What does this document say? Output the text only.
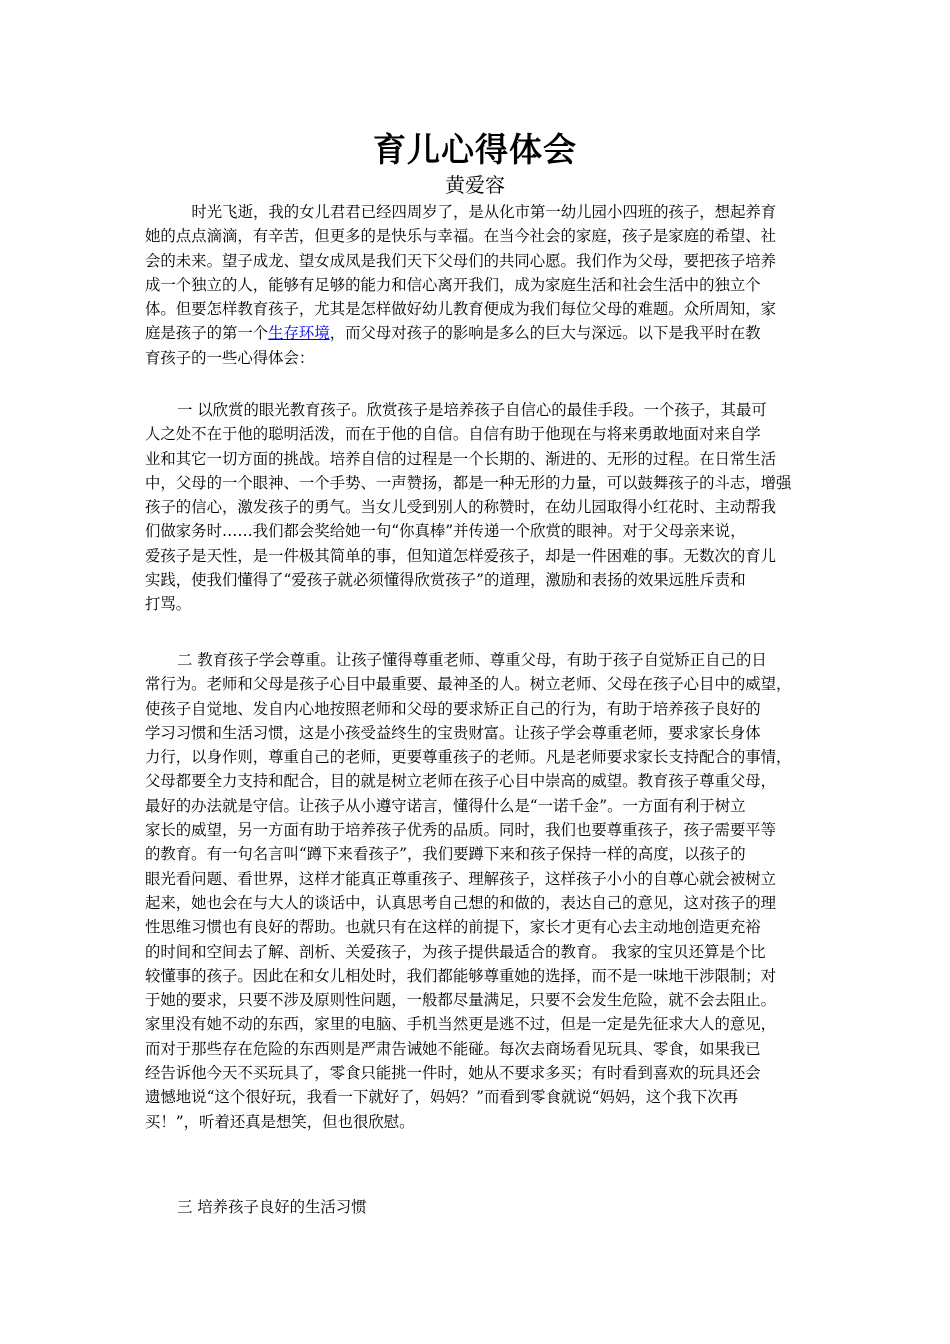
育儿心得体会
黄爱容
　时光飞逝，我的女儿君君已经四周岁了，是从化市第一幼儿园小四班的孩子，想起养育
她的点点滴滴，有辛苦，但更多的是快乐与幸福。在当今社会的家庭，孩子是家庭的希望、社
会的未来。望子成龙、望女成凤是我们天下父母们的共同心愿。我们作为父母，要把孩子培养
成一个独立的人，能够有足够的能力和信心离开我们，成为家庭生活和社会生活中的独立个
体。但要怎样教育孩子，尤其是怎样做好幼儿教育便成为我们每位父母的难题。众所周知，家
庭是孩子的第一个生存环境，而父母对孩子的影响是多么的巨大与深远。以下是我平时在教
育孩子的一些心得体会：
一 以欣赏的眼光教育孩子。欣赏孩子是培养孩子自信心的最佳手段。一个孩子，其最可
人之处不在于他的聪明活泼，而在于他的自信。自信有助于他现在与将来勇敢地面对来自学
业和其它一切方面的挑战。培养自信的过程是一个长期的、渐进的、无形的过程。在日常生活
中，父母的一个眼神、一个手势、一声赞扬，都是一种无形的力量，可以鼓舞孩子的斗志，增强
孩子的信心，激发孩子的勇气。当女儿受到别人的称赞时，在幼儿园取得小红花时、主动帮我
们做家务时……我们都会奖给她一句“你真棒”并传递一个欣赏的眼神。对于父母亲来说，
爱孩子是天性，是一件极其简单的事，但知道怎样爱孩子，却是一件困难的事。无数次的育儿
实践，使我们懂得了“爱孩子就必须懂得欣赏孩子”的道理，激励和表扬的效果远胜斥责和
打骂。
二 教育孩子学会尊重。让孩子懂得尊重老师、尊重父母，有助于孩子自觉矫正自己的日
常行为。老师和父母是孩子心目中最重要、最神圣的人。树立老师、父母在孩子心目中的威望，
使孩子自觉地、发自内心地按照老师和父母的要求矫正自己的行为，有助于培养孩子良好的
学习习惯和生活习惯，这是小孩受益终生的宝贵财富。让孩子学会尊重老师，要求家长身体
力行，以身作则，尊重自己的老师，更要尊重孩子的老师。凡是老师要求家长支持配合的事情，
父母都要全力支持和配合，目的就是树立老师在孩子心目中崇高的威望。教育孩子尊重父母，
最好的办法就是守信。让孩子从小遵守诺言，懂得什么是“一诺千金”。一方面有利于树立
家长的威望，另一方面有助于培养孩子优秀的品质。同时，我们也要尊重孩子，孩子需要平等
的教育。有一句名言叫“蹲下来看孩子”，我们要蹲下来和孩子保持一样的高度，以孩子的
眼光看问题、看世界，这样才能真正尊重孩子、理解孩子，这样孩子小小的自尊心就会被树立
起来，她也会在与大人的谈话中，认真思考自己想的和做的，表达自己的意见，这对孩子的理
性思维习惯也有良好的帮助。也就只有在这样的前提下，家长才更有心去主动地创造更充裕
的时间和空间去了解、剖析、关爱孩子，为孩子提供最适合的教育。 我家的宝贝还算是个比
较懂事的孩子。因此在和女儿相处时，我们都能够尊重她的选择，而不是一味地干涉限制；对
于她的要求，只要不涉及原则性问题，一般都尽量满足，只要不会发生危险，就不会去阻止。
家里没有她不动的东西，家里的电脑、手机当然更是逃不过，但是一定是先征求大人的意见，
而对于那些存在危险的东西则是严肃告诫她不能碰。每次去商场看见玩具、零食，如果我已
经告诉他今天不买玩具了，零食只能挑一件时，她从不要求多买；有时看到喜欢的玩具还会
遗憾地说“这个很好玩，我看一下就好了，妈妈？”而看到零食就说“妈妈，这个我下次再
买！”，听着还真是想笑，但也很欣慰。
三 培养孩子良好的生活习惯
